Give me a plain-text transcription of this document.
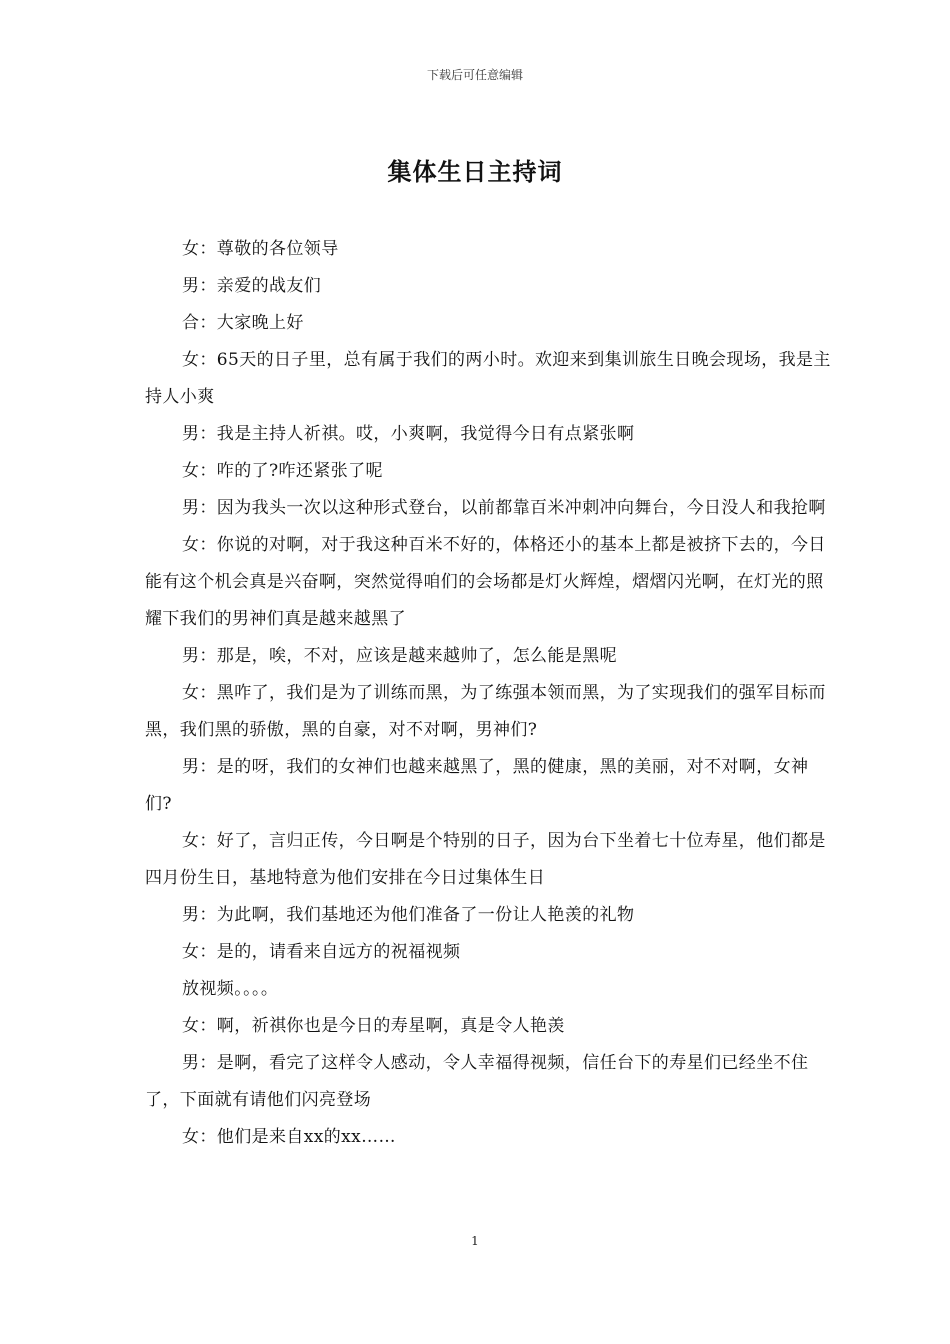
下载后可任意编辑
集体生日主持词

女：尊敬的各位领导

男：亲爱的战友们

合：大家晚上好

女：65天的日子里，总有属于我们的两小时。欢迎来到集训旅生日晚会现场，我是主持人小爽

男：我是主持人祈祺。哎，小爽啊，我觉得今日有点紧张啊

女：咋的了?咋还紧张了呢

男：因为我头一次以这种形式登台，以前都靠百米冲刺冲向舞台，今日没人和我抢啊

女：你说的对啊，对于我这种百米不好的，体格还小的基本上都是被挤下去的，今日能有这个机会真是兴奋啊，突然觉得咱们的会场都是灯火辉煌，熠熠闪光啊，在灯光的照耀下我们的男神们真是越来越黑了

男：那是，唉，不对，应该是越来越帅了，怎么能是黑呢

女：黑咋了，我们是为了训练而黑，为了练强本领而黑，为了实现我们的强军目标而黑，我们黑的骄傲，黑的自豪，对不对啊，男神们?

男：是的呀，我们的女神们也越来越黑了，黑的健康，黑的美丽，对不对啊，女神们?

女：好了，言归正传，今日啊是个特别的日子，因为台下坐着七十位寿星，他们都是四月份生日，基地特意为他们安排在今日过集体生日

男：为此啊，我们基地还为他们准备了一份让人艳羡的礼物

女：是的，请看来自远方的祝福视频

放视频。。。。

女：啊，祈祺你也是今日的寿星啊，真是令人艳羡

男：是啊，看完了这样令人感动，令人幸福得视频，信任台下的寿星们已经坐不住了，下面就有请他们闪亮登场

女：他们是来自xx的xx……

1
